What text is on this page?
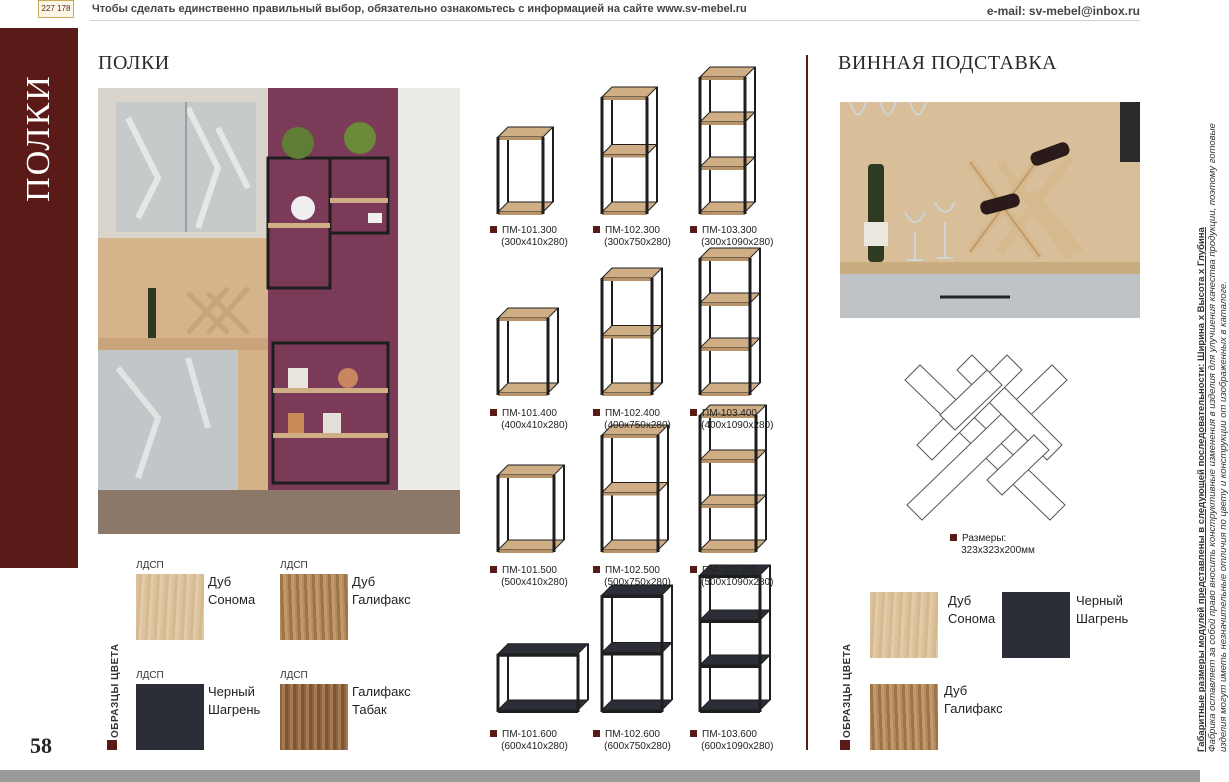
227 178	Чтобы сделать единственно правильный выбор, обязательно ознакомьтесь с информацией на сайте www.sv-mebel.ru	e-mail: sv-mebel@inbox.ru
ПОЛКИ
58
ПОЛКИ
ПМ-101.300
(300х410х280)
ПМ-102.300
(300х750х280)
ПМ-103.300
(300х1090х280)
ПМ-101.400
(400х410х280)
ПМ-102.400
(400х750х280)
ПМ-103.400
(400х1090х280)
ПМ-101.500
(500х410х280)
ПМ-102.500
(500х750х280)
ПМ-103.500
(500х1090х280)
ПМ-101.600
(600х410х280)
ПМ-102.600
(600х750х280)
ПМ-103.600
(600х1090х280)
ОБРАЗЦЫ ЦВЕТА
ЛДСП
Дуб
Сонома
ЛДСП
Дуб
Галифакс
ЛДСП
Черный
Шагрень
ЛДСП
Галифакс
Табак
ВИННАЯ ПОДСТАВКА
Размеры:
323х323х200мм
ОБРАЗЦЫ ЦВЕТА
Дуб
Сонома
Черный
Шагрень
Дуб
Галифакс	Габаритные размеры модулей представлены в следующей последовательности: Ширина х Высота х Глубина Фабрика оставляет за собой право вносить конструктивные изменения в изделия для улучшения качества продукции, поэтому готовые изделия могут иметь незначительные отличия по цвету и конструкции от изображенных в каталоге.
